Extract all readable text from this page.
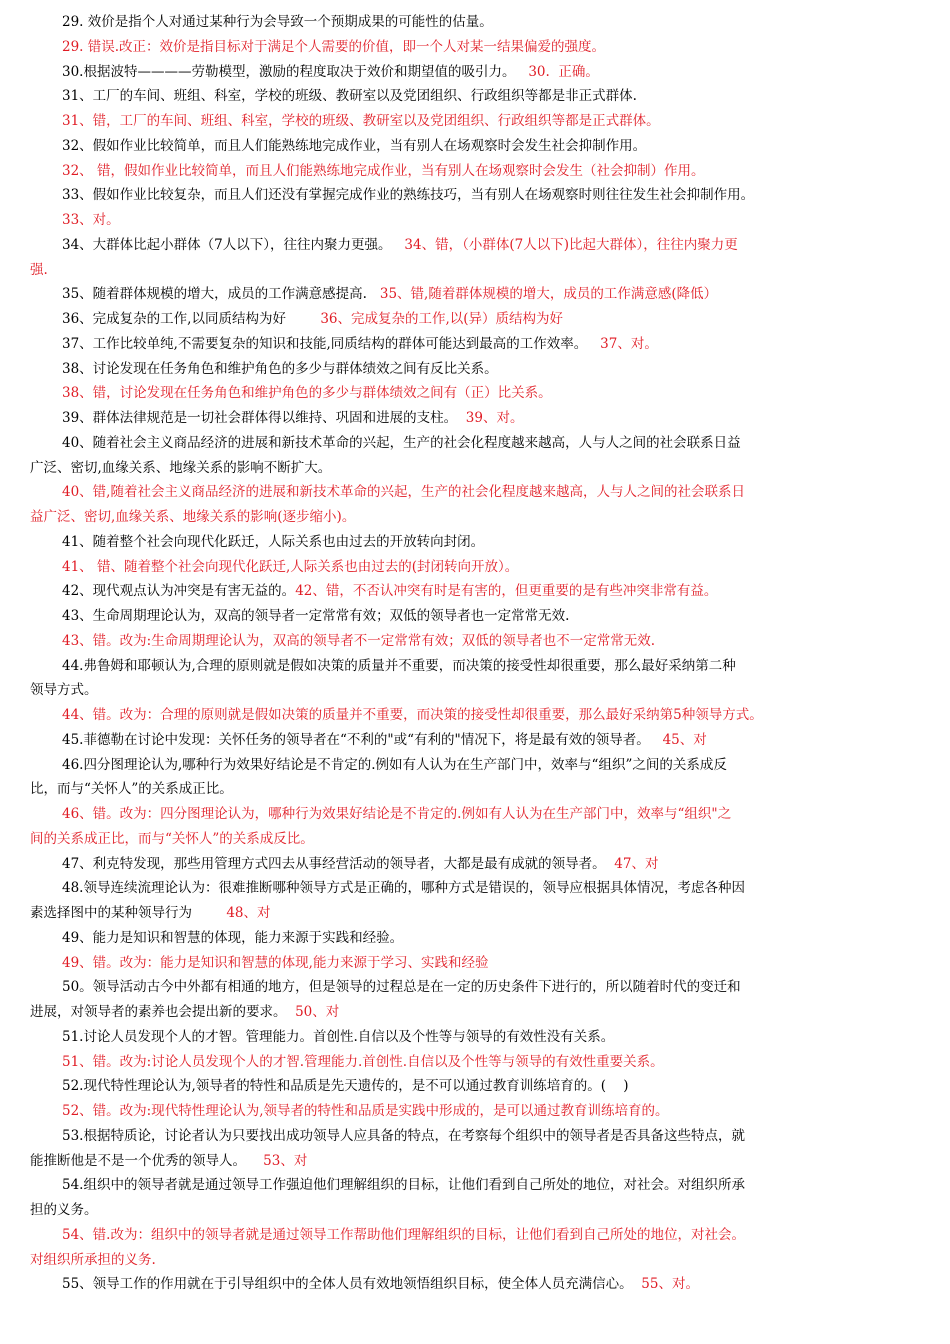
29. 效价是指个人对通过某种行为会导致一个预期成果的可能性的估量。
29. 错误.改正：效价是指目标对于满足个人需要的价值，即一个人对某一结果偏爱的强度。
30.根据波特————劳勒模型，激励的程度取决于效价和期望值的吸引力。   30.  正确。
31、工厂的车间、班组、科室，学校的班级、教研室以及党团组织、行政组织等都是非正式群体.
31、错，工厂的车间、班组、科室，学校的班级、教研室以及党团组织、行政组织等都是正式群体。
32、假如作业比较简单，而且人们能熟练地完成作业，当有别人在场观察时会发生社会抑制作用。
32、 错，假如作业比较简单，而且人们能熟练地完成作业，当有别人在场观察时会发生（社会抑制）作用。
33、假如作业比较复杂，而且人们还没有掌握完成作业的熟练技巧，当有别人在场观察时则往往发生社会抑制作用。
33、对。
34、大群体比起小群体（7人以下），往往内聚力更强。   34、错，（小群体(7人以下)比起大群体），往往内聚力更
强.
35、随着群体规模的增大，成员的工作满意感提高.   35、错,随着群体规模的增大，成员的工作满意感(降低）
36、完成复杂的工作,以同质结构为好        36、完成复杂的工作,以(异）质结构为好
37、工作比较单纯,不需要复杂的知识和技能,同质结构的群体可能达到最高的工作效率。   37、对。
38、讨论发现在任务角色和维护角色的多少与群体绩效之间有反比关系。
38、错，讨论发现在任务角色和维护角色的多少与群体绩效之间有（正）比关系。
39、群体法律规范是一切社会群体得以维持、巩固和进展的支柱。  39、对。
40、随着社会主义商品经济的进展和新技术革命的兴起，生产的社会化程度越来越高，人与人之间的社会联系日益
广泛、密切,血缘关系、地缘关系的影响不断扩大。
40、错,随着社会主义商品经济的进展和新技术革命的兴起，生产的社会化程度越来越高，人与人之间的社会联系日
益广泛、密切,血缘关系、地缘关系的影响(逐步缩小)。
41、随着整个社会向现代化跃迁，人际关系也由过去的开放转向封闭。
41、 错、随着整个社会向现代化跃迁,人际关系也由过去的(封闭转向开放）。
42、现代观点认为冲突是有害无益的。42、错，不否认冲突有时是有害的，但更重要的是有些冲突非常有益。
43、生命周期理论认为，双高的领导者一定常常有效；双低的领导者也一定常常无效.
43、错。改为:生命周期理论认为，双高的领导者不一定常常有效；双低的领导者也不一定常常无效.
44.弗鲁姆和耶顿认为,合理的原则就是假如决策的质量并不重要，而决策的接受性却很重要，那么最好采纳第二种
领导方式。
44、错。改为：合理的原则就是假如决策的质量并不重要，而决策的接受性却很重要，那么最好采纳第5种领导方式。
45.菲德勒在讨论中发现：关怀任务的领导者在“不利的"或“有利的"情况下，将是最有效的领导者。   45、对
46.四分图理论认为,哪种行为效果好结论是不肯定的.例如有人认为在生产部门中，效率与“组织”之间的关系成反
比，而与“关怀人”的关系成正比。
46、错。改为：四分图理论认为，哪种行为效果好结论是不肯定的.例如有人认为在生产部门中，效率与“组织"之
间的关系成正比，而与“关怀人”的关系成反比。
47、利克特发现，那些用管理方式四去从事经营活动的领导者，大都是最有成就的领导者。  47、对
48.领导连续流理论认为：很难推断哪种领导方式是正确的，哪种方式是错误的，领导应根据具体情况，考虑各种因
素选择图中的某种领导行为        48、对
49、能力是知识和智慧的体现，能力来源于实践和经验。
49、错。改为：能力是知识和智慧的体现,能力来源于学习、实践和经验
50。领导活动古今中外都有相通的地方，但是领导的过程总是在一定的历史条件下进行的，所以随着时代的变迁和
进展，对领导者的素养也会提出新的要求。  50、对
51.讨论人员发现个人的才智。管理能力。首创性.自信以及个性等与领导的有效性没有关系。
51、错。改为:讨论人员发现个人的才智.管理能力.首创性.自信以及个性等与领导的有效性重要关系。
52.现代特性理论认为,领导者的特性和品质是先天遗传的，是不可以通过教育训练培育的。(    )
52、错。改为:现代特性理论认为,领导者的特性和品质是实践中形成的，是可以通过教育训练培育的。
53.根据特质论，讨论者认为只要找出成功领导人应具备的特点，在考察每个组织中的领导者是否具备这些特点，就
能推断他是不是一个优秀的领导人。    53、对
54.组织中的领导者就是通过领导工作强迫他们理解组织的目标，让他们看到自己所处的地位，对社会。对组织所承
担的义务。
54、错.改为：组织中的领导者就是通过领导工作帮助他们理解组织的目标，让他们看到自己所处的地位，对社会。
对组织所承担的义务.
55、领导工作的作用就在于引导组织中的全体人员有效地领悟组织目标，使全体人员充满信心。  55、对。
